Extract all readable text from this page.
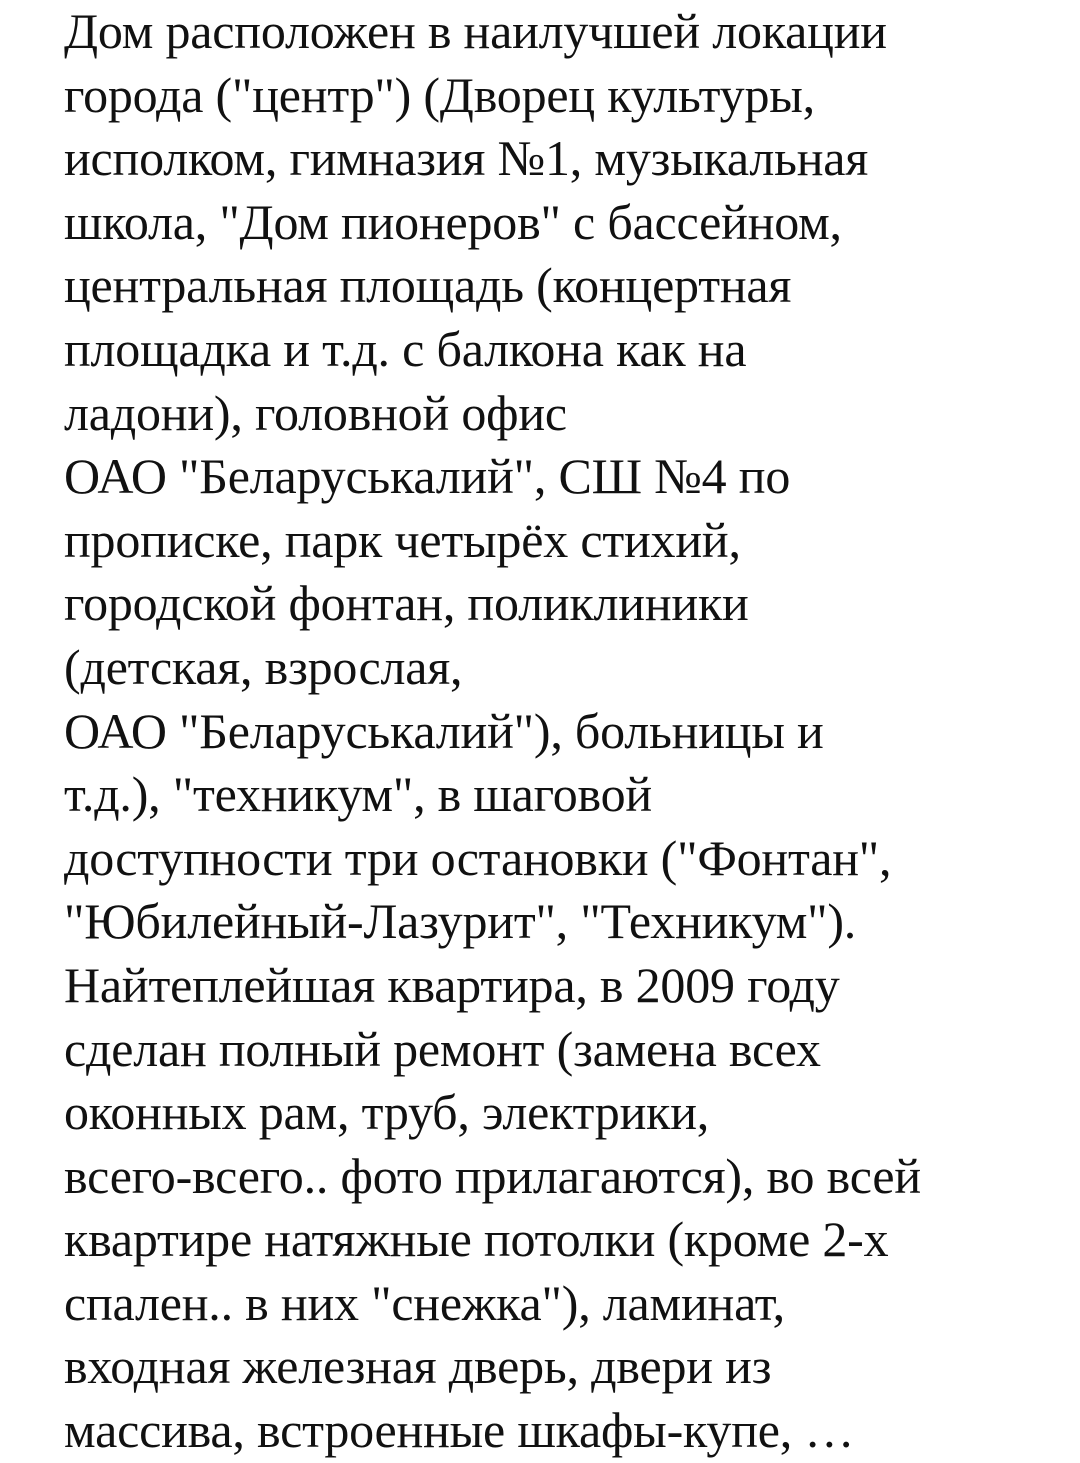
Дом расположен в наилучшей локации
города ("центр") (Дворец культуры,
исполком, гимназия №1, музыкальная
школа, "Дом пионеров" с бассейном,
центральная площадь (концертная
площадка и т.д. с балкона как на
ладони), головной офис
ОАО "Беларуськалий", СШ №4 по
прописке, парк четырёх стихий,
городской фонтан, поликлиники
(детская, взрослая,
ОАО "Беларуськалий"), больницы и
т.д.), "техникум", в шаговой
доступности три остановки ("Фонтан",
"Юбилейный-Лазурит", "Техникум").
Найтеплейшая квартира, в 2009 году
сделан полный ремонт (замена всех
оконных рам, труб, электрики,
всего-всего.. фото прилагаются), во всей
квартире натяжные потолки (кроме 2-х
спален.. в них "снежка"), ламинат,
входная железная дверь, двери из
массива, встроенные шкафы-купе, …
